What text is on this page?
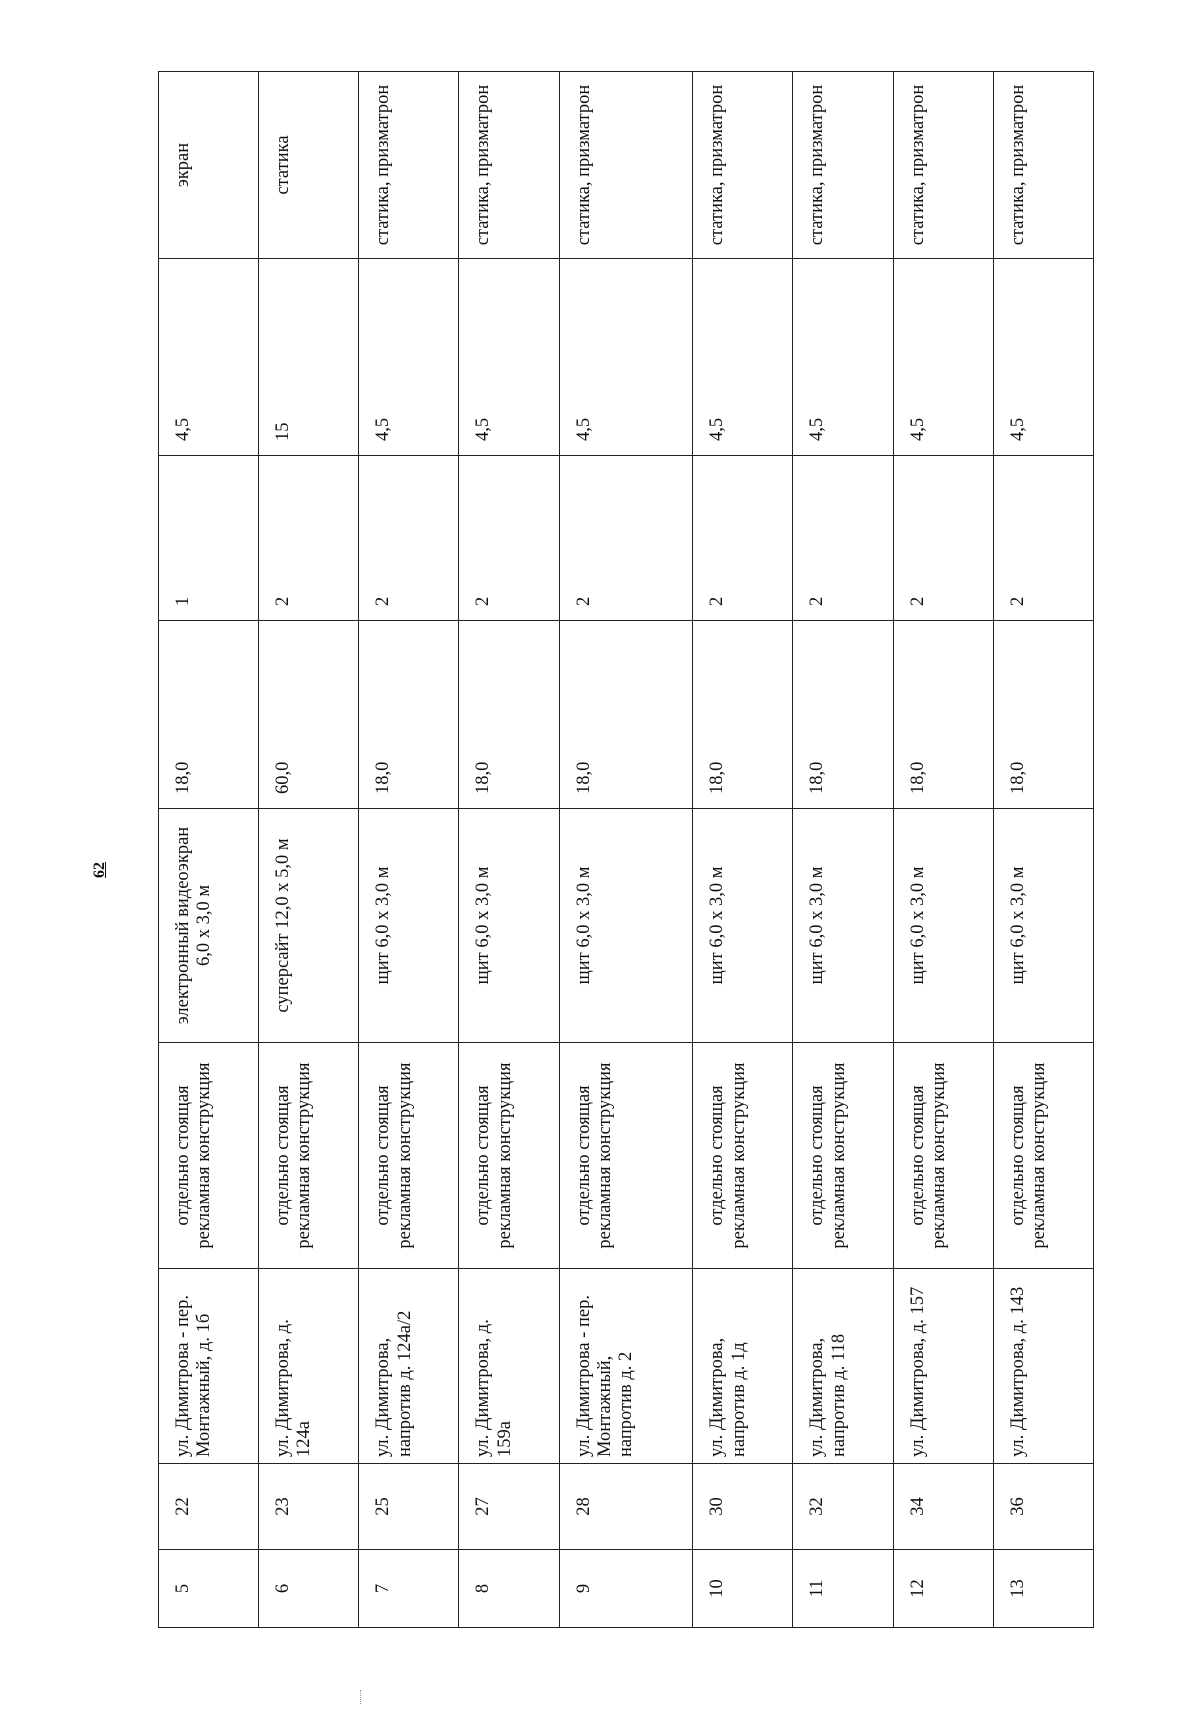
62
5	22	ул. Димитрова - пер. Монтажный, д. 1б	отдельно стоящая рекламная конструкция	электронный видеоэкран 6,0 х 3,0 м	18,0	1	4,5	экран
6	23	ул. Димитрова, д. 124а	отдельно стоящая рекламная конструкция	суперсайт 12,0 х 5,0 м	60,0	2	15	статика
7	25	ул. Димитрова, напротив д. 124а/2	отдельно стоящая рекламная конструкция	щит 6,0 х 3,0 м	18,0	2	4,5	статика, призматрон
8	27	ул. Димитрова, д. 159а	отдельно стоящая рекламная конструкция	щит 6,0 х 3,0 м	18,0	2	4,5	статика, призматрон
9	28	ул. Димитрова - пер. Монтажный, напротив д. 2	отдельно стоящая рекламная конструкция	щит 6,0 х 3,0 м	18,0	2	4,5	статика, призматрон
10	30	ул. Димитрова, напротив д. 1д	отдельно стоящая рекламная конструкция	щит 6,0 х 3,0 м	18,0	2	4,5	статика, призматрон
11	32	ул. Димитрова, напротив д. 118	отдельно стоящая рекламная конструкция	щит 6,0 х 3,0 м	18,0	2	4,5	статика, призматрон
12	34	ул. Димитрова, д. 157	отдельно стоящая рекламная конструкция	щит 6,0 х 3,0 м	18,0	2	4,5	статика, призматрон
13	36	ул. Димитрова, д. 143	отдельно стоящая рекламная конструкция	щит 6,0 х 3,0 м	18,0	2	4,5	статика, призматрон
